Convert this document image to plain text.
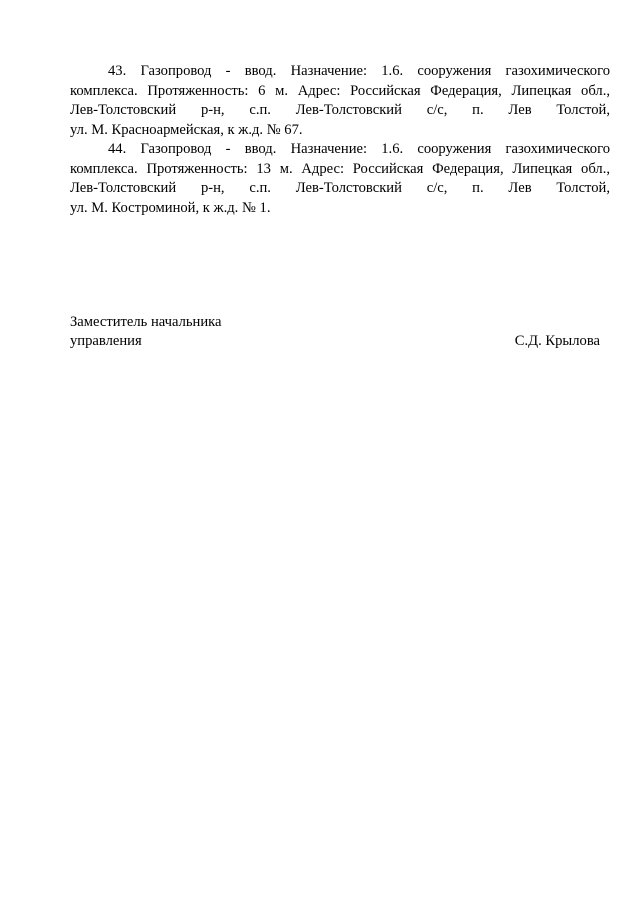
43. Газопровод - ввод. Назначение: 1.6. сооружения газохимического
комплекса. Протяженность: 6 м. Адрес: Российская Федерация, Липецкая обл.,
Лев-Толстовский р-н, с.п. Лев-Толстовский с/с, п. Лев Толстой,
ул. М. Красноармейская, к ж.д. № 67.

44. Газопровод - ввод. Назначение: 1.6. сооружения газохимического
комплекса. Протяженность: 13 м. Адрес: Российская Федерация, Липецкая обл.,
Лев-Толстовский р-н, с.п. Лев-Толстовский с/с, п. Лев Толстой,
ул. М. Костроминой, к ж.д. № 1.

Заместитель начальника
управления	С.Д. Крылова
